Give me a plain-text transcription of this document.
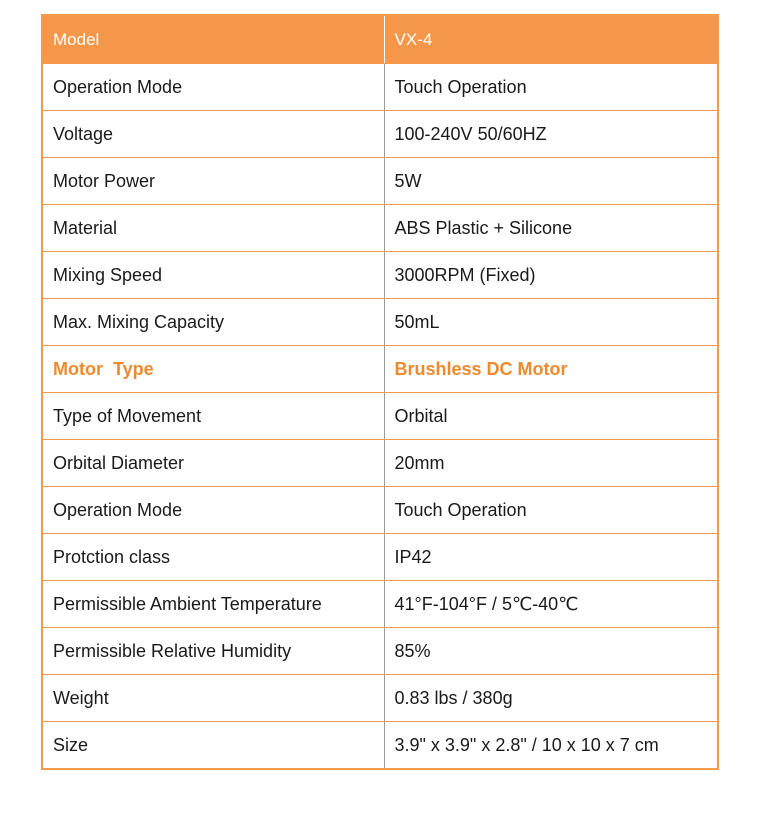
Model	VX-4
Operation Mode	Touch Operation
Voltage	100-240V 50/60HZ
Motor Power	5W
Material	ABS Plastic + Silicone
Mixing Speed	3000RPM (Fixed)
Max. Mixing Capacity	50mL
Motor  Type	Brushless DC Motor
Type of Movement	Orbital
Orbital Diameter	20mm
Operation Mode	Touch Operation
Protction class	IP42
Permissible Ambient Temperature	41°F-104°F / 5℃-40℃
Permissible Relative Humidity	85%
Weight	0.83 lbs / 380g
Size	3.9" x 3.9" x 2.8" / 10 x 10 x 7 cm
